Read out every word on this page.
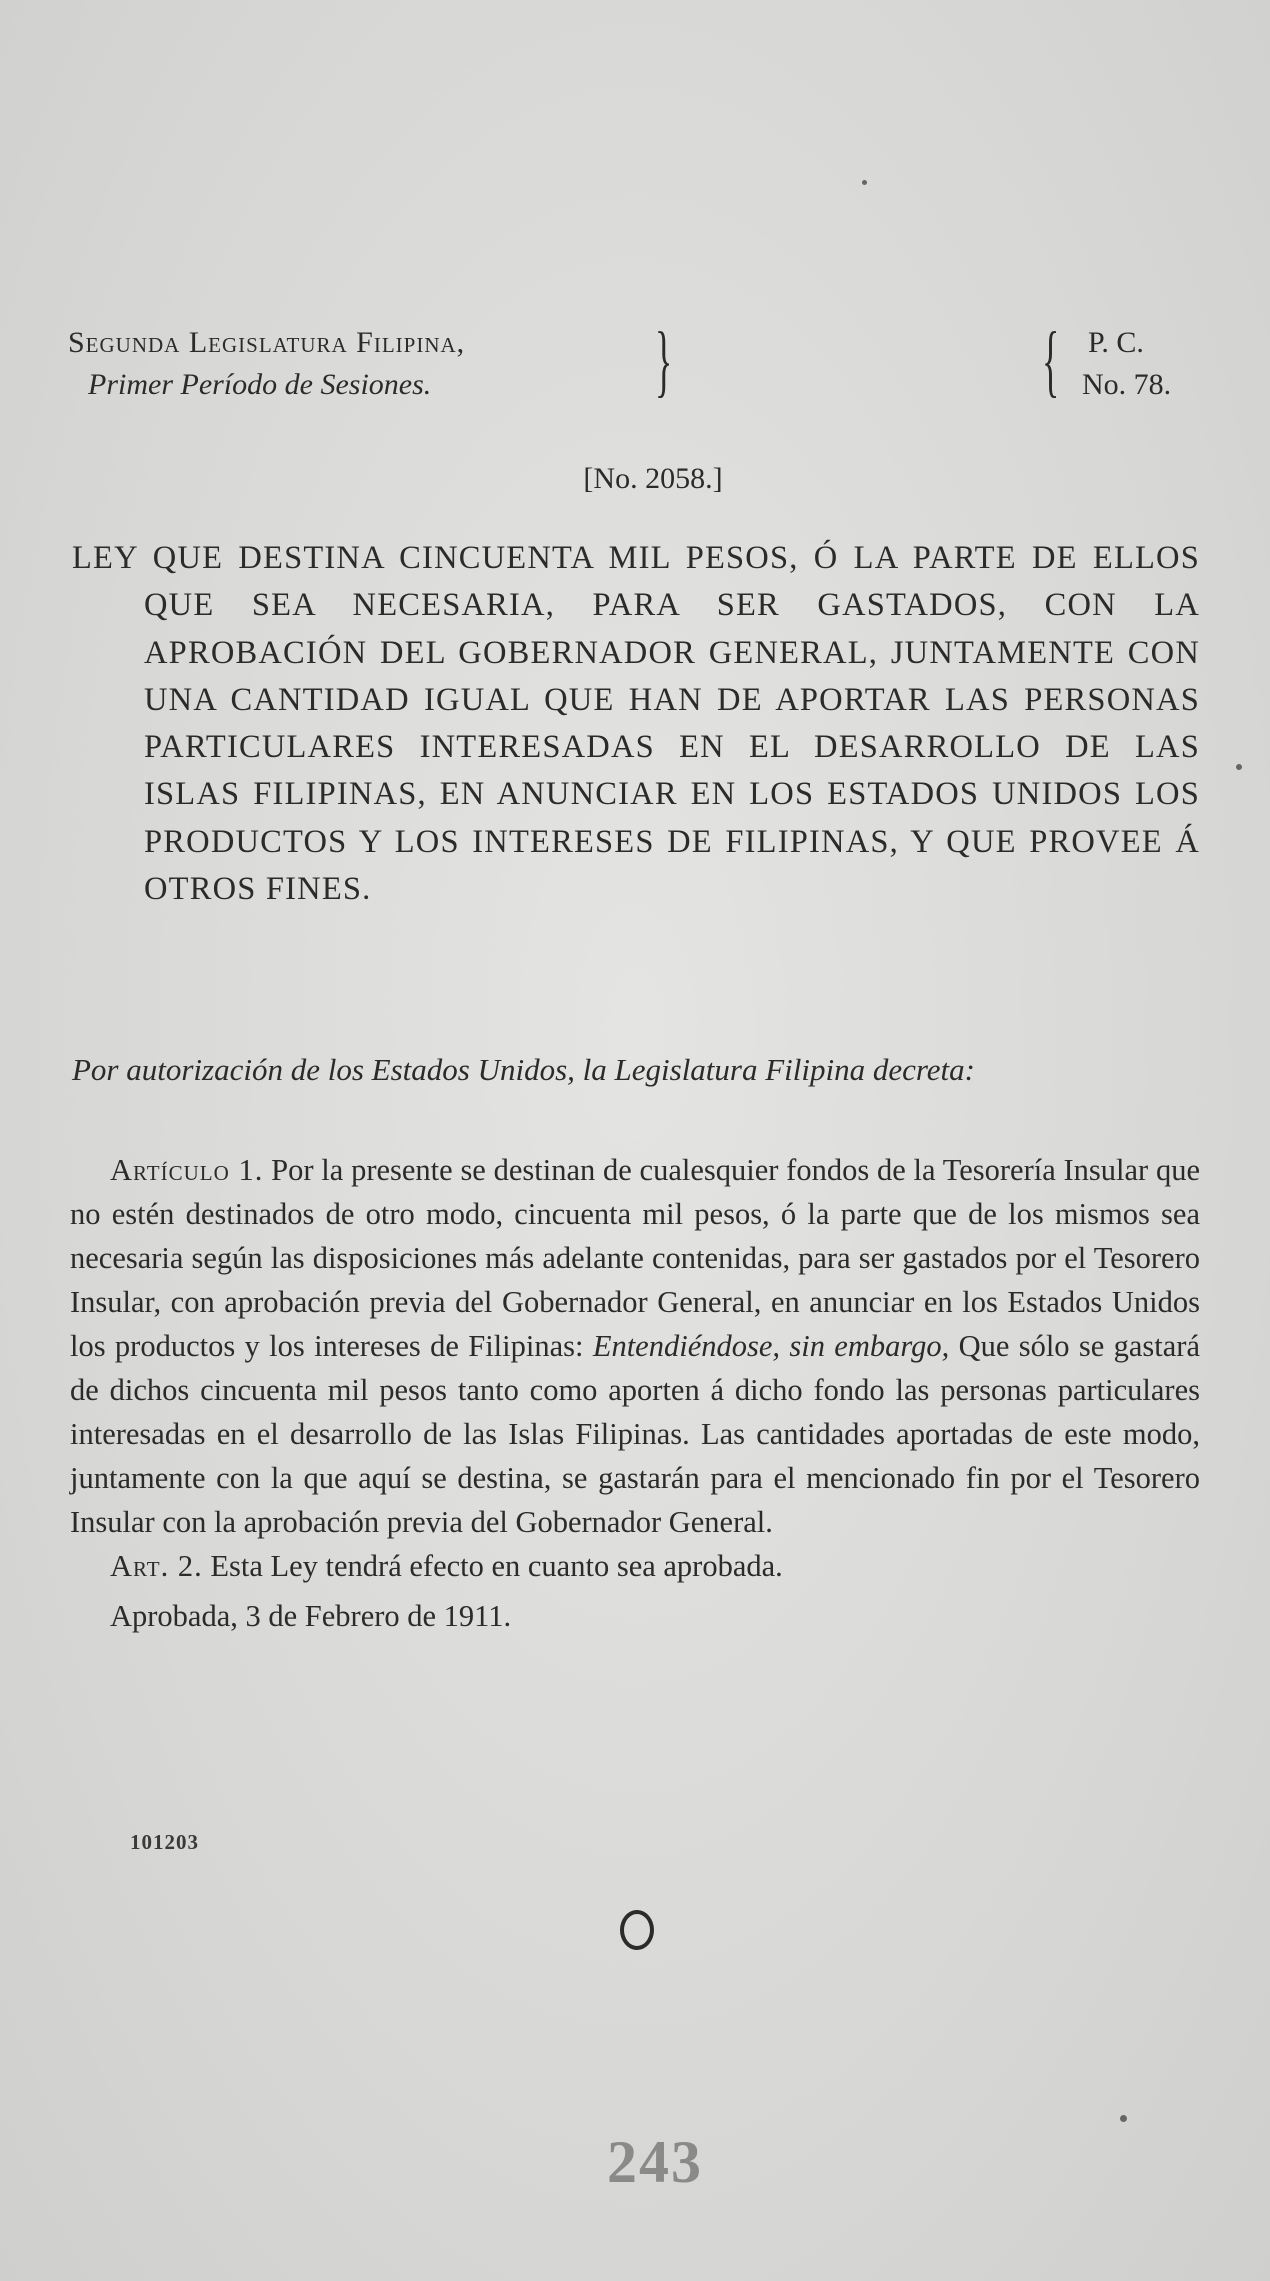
Segunda Legislatura Filipina,
Primer Período de Sesiones.	}	{ P. C.
No. 78.
[No. 2058.]
LEY QUE DESTINA CINCUENTA MIL PESOS, Ó LA PARTE DE ELLOS QUE SEA NECESARIA, PARA SER GASTADOS, CON LA APROBACIÓN DEL GOBERNADOR GENERAL, JUNTAMENTE CON UNA CANTIDAD IGUAL QUE HAN DE APORTAR LAS PERSONAS PARTICULARES INTERESADAS EN EL DESARROLLO DE LAS ISLAS FILIPINAS, EN ANUNCIAR EN LOS ESTADOS UNIDOS LOS PRODUCTOS Y LOS INTERESES DE FILIPINAS, Y QUE PROVEE Á OTROS FINES.
Por autorización de los Estados Unidos, la Legislatura Filipina decreta:

Artículo 1. Por la presente se destinan de cualesquier fondos de la Tesorería Insular que no estén destinados de otro modo, cincuenta mil pesos, ó la parte que de los mismos sea necesaria según las disposiciones más adelante contenidas, para ser gastados por el Tesorero Insular, con aprobación previa del Gobernador General, en anunciar en los Estados Unidos los productos y los intereses de Filipinas: Entendiéndose, sin embargo, Que sólo se gastará de dichos cincuenta mil pesos tanto como aporten á dicho fondo las personas particulares interesadas en el desarrollo de las Islas Filipinas. Las cantidades aportadas de este modo, juntamente con la que aquí se destina, se gastarán para el mencionado fin por el Tesorero Insular con la aprobación previa del Gobernador General.

Art. 2. Esta Ley tendrá efecto en cuanto sea aprobada.

Aprobada, 3 de Febrero de 1911.

101203
243
